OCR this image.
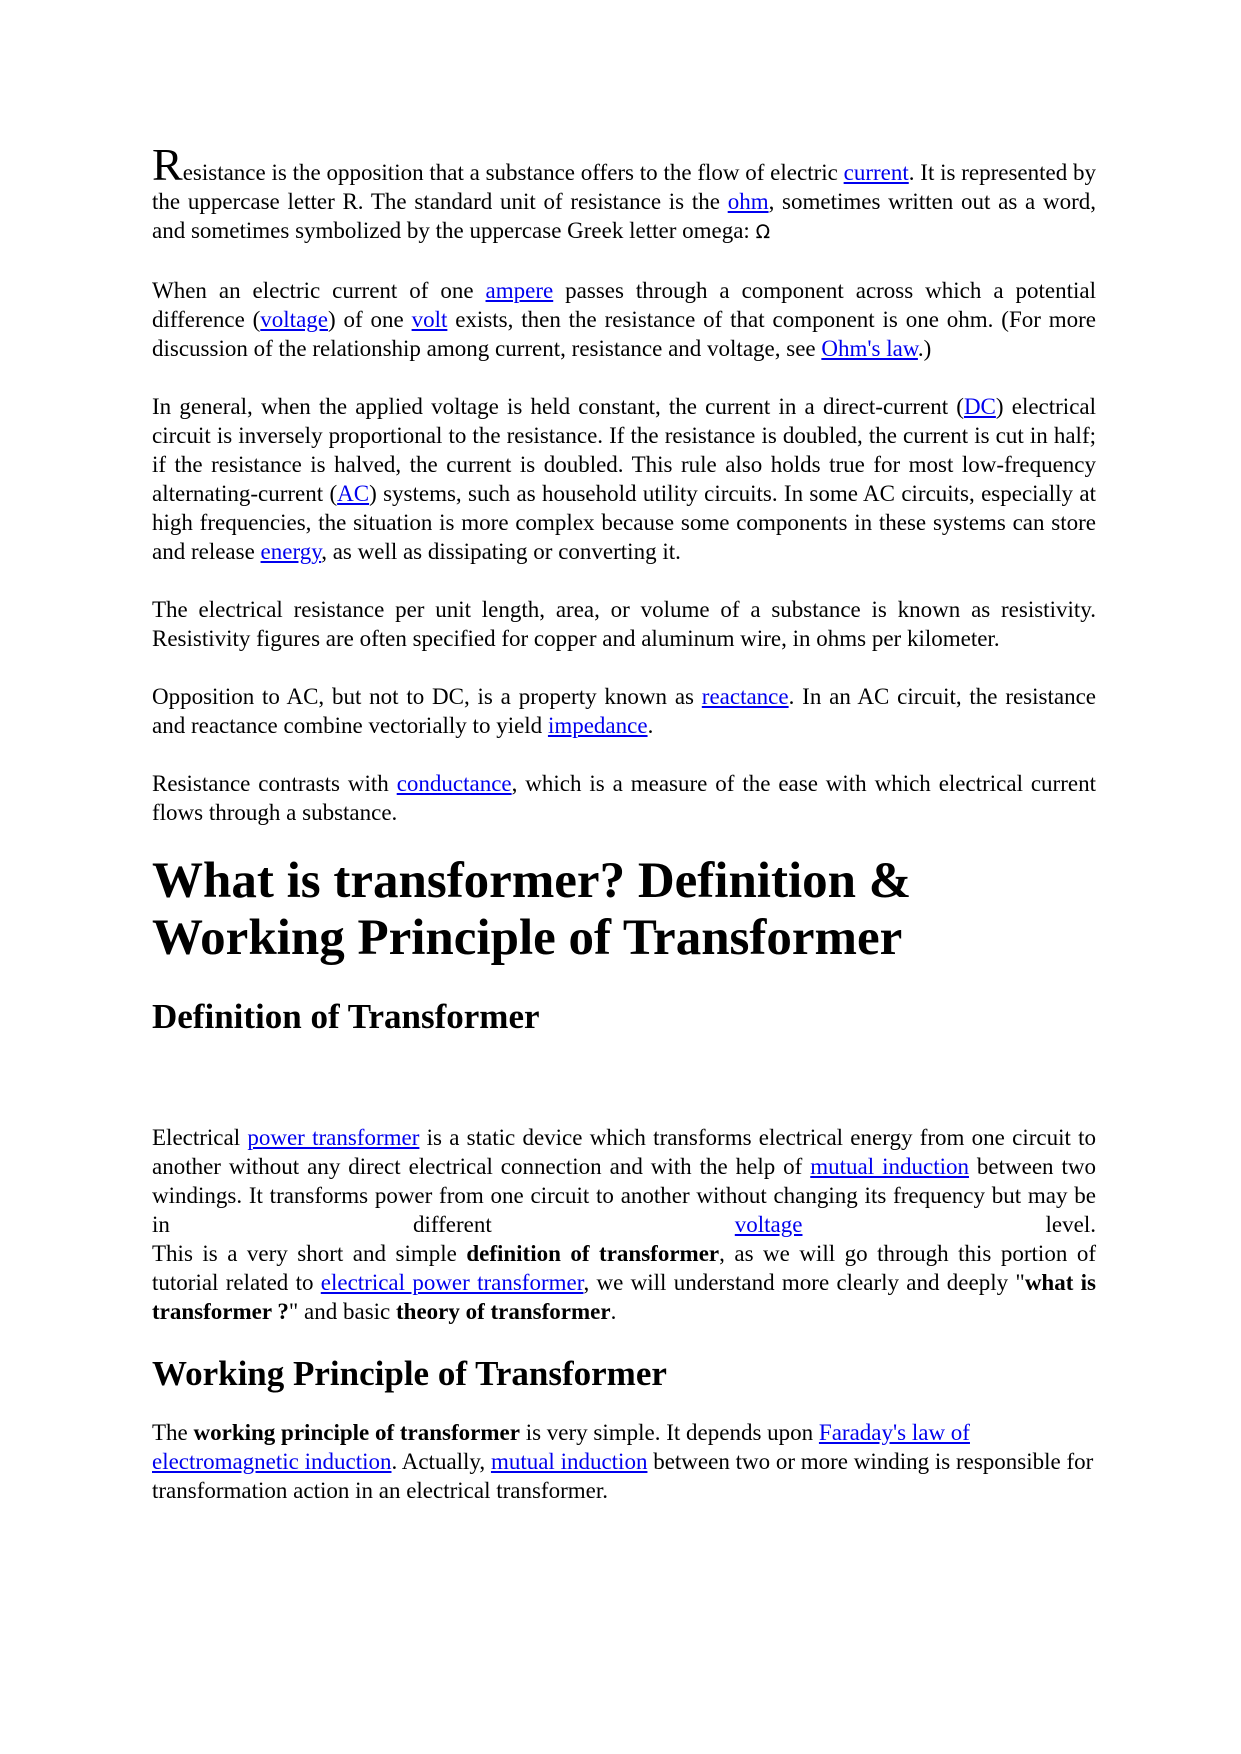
Resistance is the opposition that a substance offers to the flow of electric current. It is represented by the uppercase letter R. The standard unit of resistance is the ohm, sometimes written out as a word, and sometimes symbolized by the uppercase Greek letter omega: Ω

When an electric current of one ampere passes through a component across which a potential difference (voltage) of one volt exists, then the resistance of that component is one ohm. (For more discussion of the relationship among current, resistance and voltage, see Ohm's law.)

In general, when the applied voltage is held constant, the current in a direct-current (DC) electrical circuit is inversely proportional to the resistance. If the resistance is doubled, the current is cut in half; if the resistance is halved, the current is doubled. This rule also holds true for most low-frequency alternating-current (AC) systems, such as household utility circuits. In some AC circuits, especially at high frequencies, the situation is more complex because some components in these systems can store and release energy, as well as dissipating or converting it.

The electrical resistance per unit length, area, or volume of a substance is known as resistivity. Resistivity figures are often specified for copper and aluminum wire, in ohms per kilometer.

Opposition to AC, but not to DC, is a property known as reactance. In an AC circuit, the resistance and reactance combine vectorially to yield impedance.

Resistance contrasts with conductance, which is a measure of the ease with which electrical current flows through a substance.

What is transformer? Definition & Working Principle of Transformer
Definition of Transformer

Electrical power transformer is a static device which transforms electrical energy from one circuit to another without any direct electrical connection and with the help of mutual induction between two windings. It transforms power from one circuit to another without changing its frequency but may be in different voltage level.

This is a very short and simple definition of transformer, as we will go through this portion of tutorial related to electrical power transformer, we will understand more clearly and deeply "what is transformer ?" and basic theory of transformer.

Working Principle of Transformer

The working principle of transformer is very simple. It depends upon Faraday's law of electromagnetic induction. Actually, mutual induction between two or more winding is responsible for transformation action in an electrical transformer.
